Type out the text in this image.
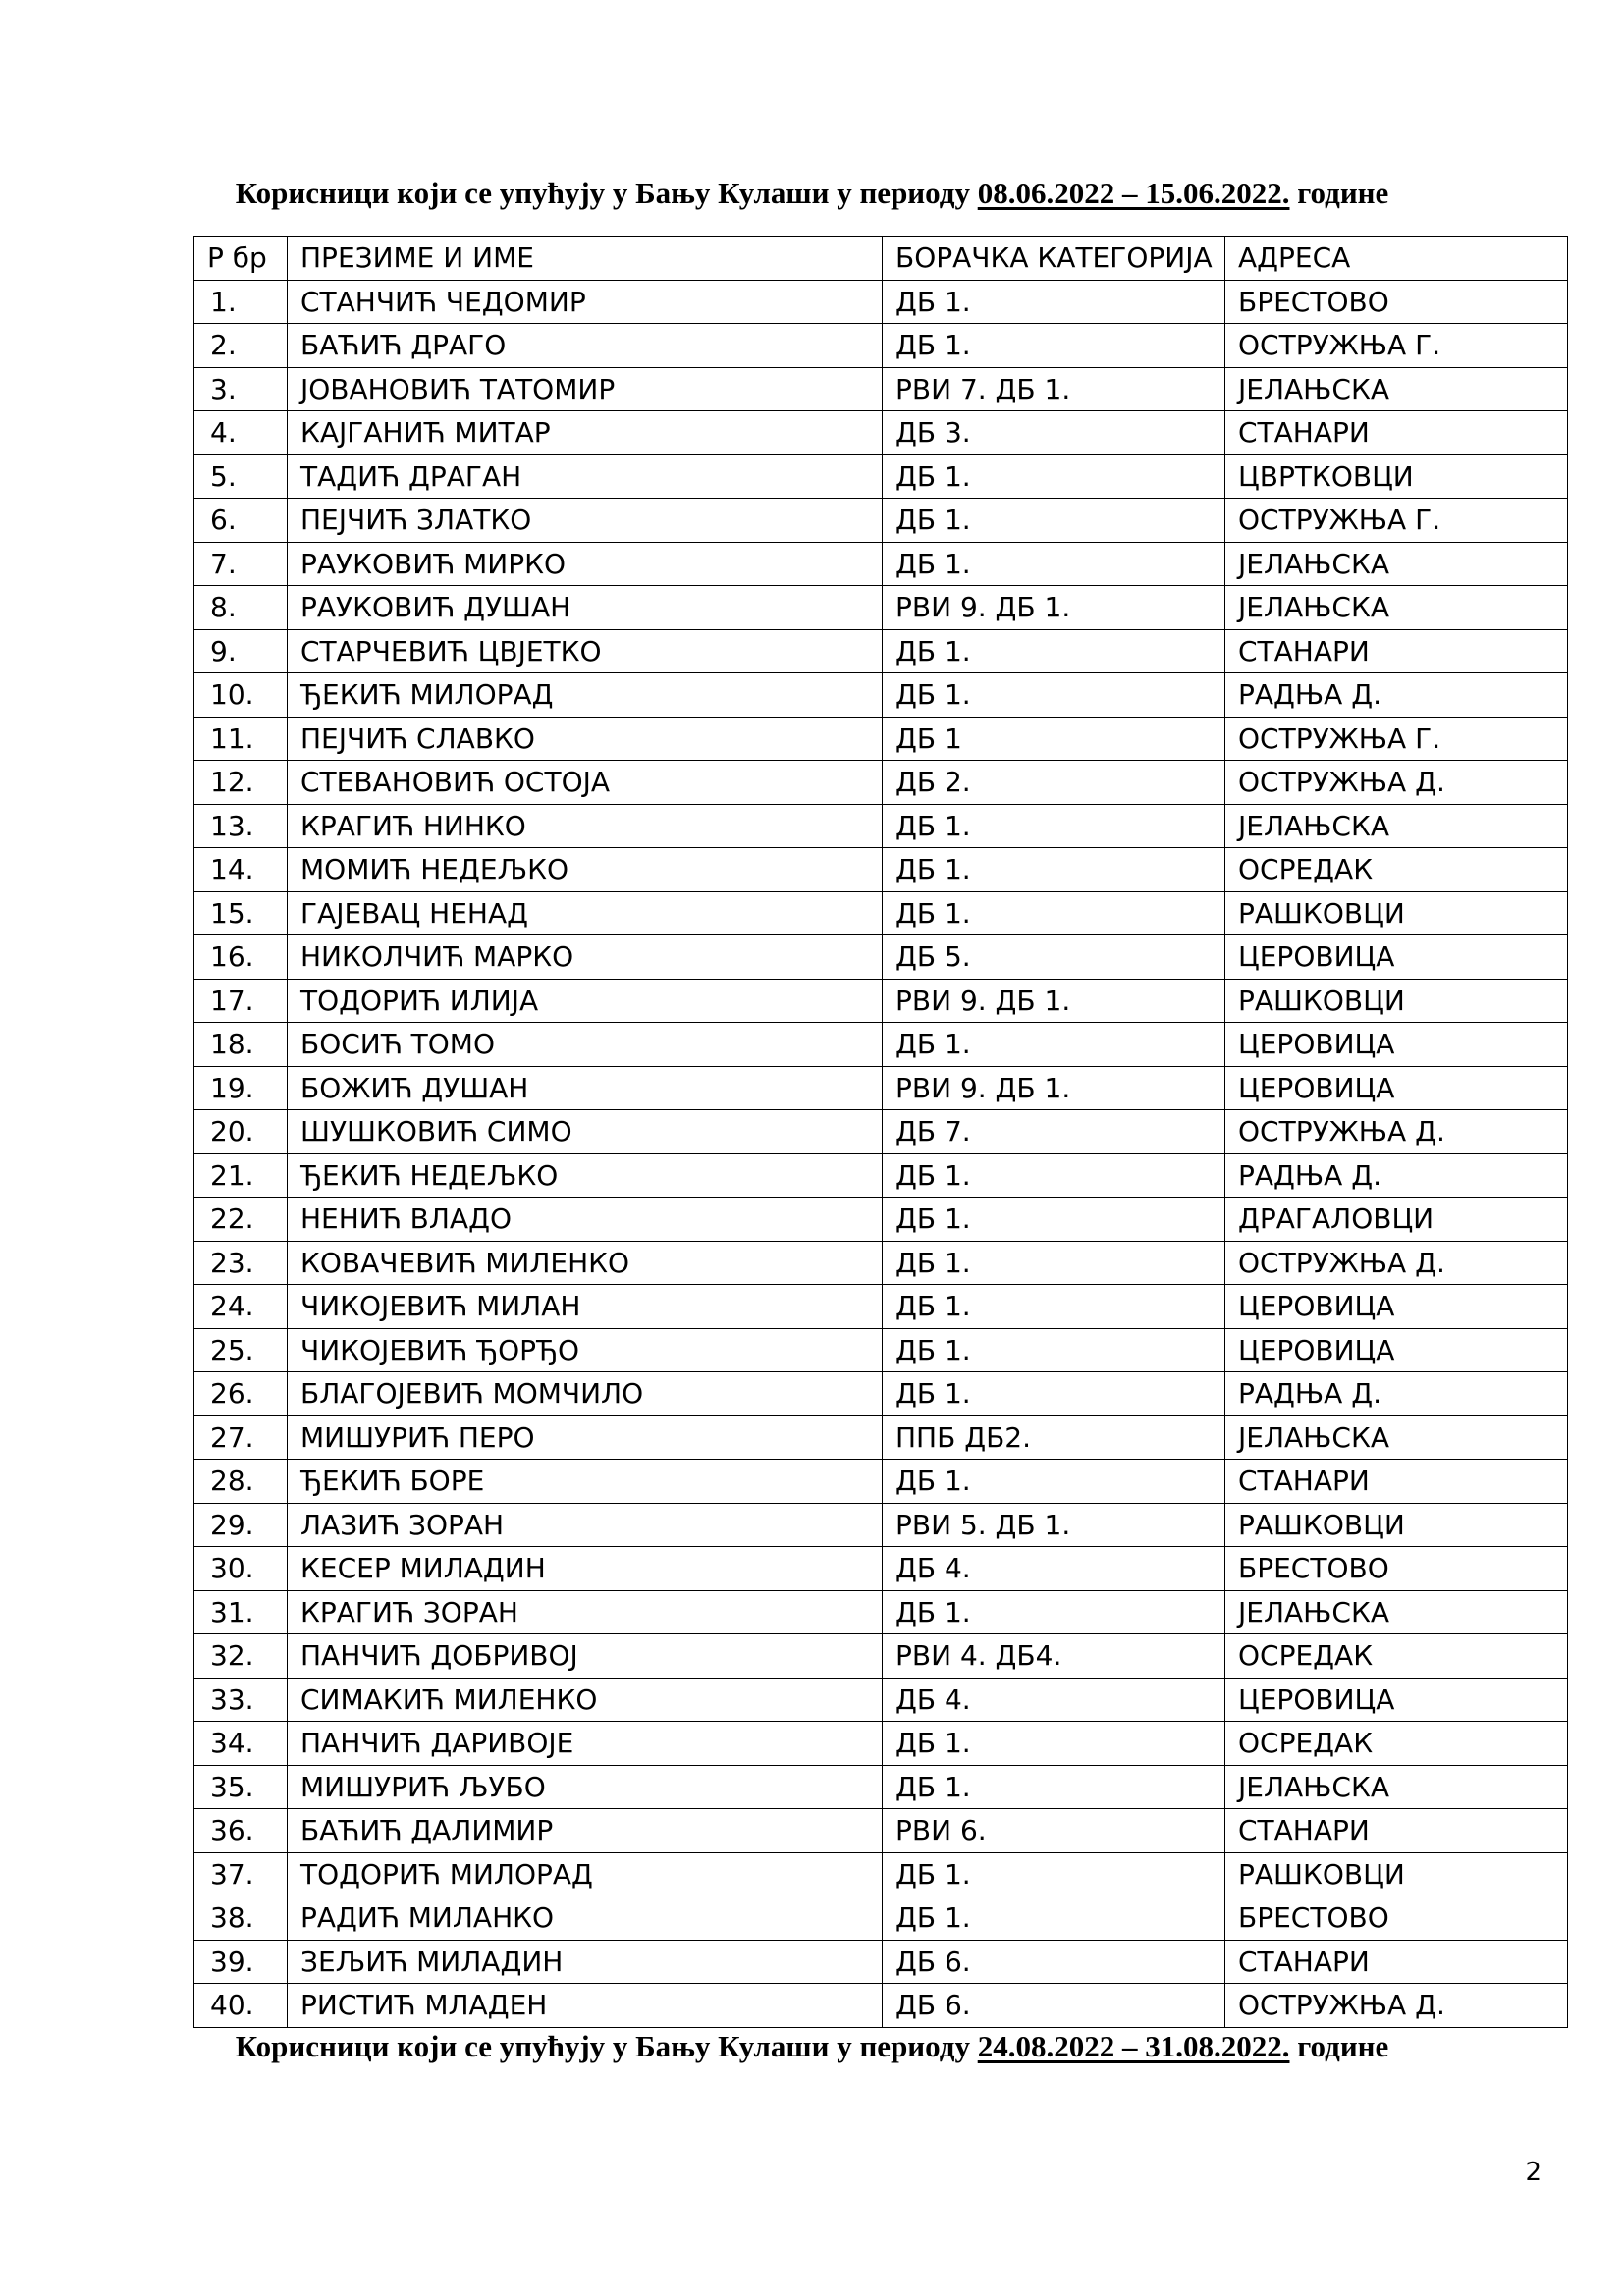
Корисници који се упућују у Бању Кулаши у периоду 08.06.2022 – 15.06.2022. године
Р бр	ПРЕЗИМЕ И ИМЕ	БОРАЧКА КАТЕГОРИЈА	АДРЕСА
1.	СТАНЧИЋ ЧЕДОМИР	ДБ 1.	БРЕСТОВО
2.	БАЋИЋ ДРАГО	ДБ 1.	ОСТРУЖЊА Г.
3.	ЈОВАНОВИЋ ТАТОМИР	РВИ 7. ДБ 1.	ЈЕЛАЊСКА
4.	КАЈГАНИЋ МИТАР	ДБ 3.	СТАНАРИ
5.	ТАДИЋ ДРАГАН	ДБ 1.	ЦВРТКОВЦИ
6.	ПЕЈЧИЋ ЗЛАТКО	ДБ 1.	ОСТРУЖЊА Г.
7.	РАУКОВИЋ МИРКО	ДБ 1.	ЈЕЛАЊСКА
8.	РАУКОВИЋ ДУШАН	РВИ 9. ДБ 1.	ЈЕЛАЊСКА
9.	СТАРЧЕВИЋ ЦВЈЕТКО	ДБ 1.	СТАНАРИ
10.	ЂЕКИЋ МИЛОРАД	ДБ 1.	РАДЊА Д.
11.	ПЕЈЧИЋ СЛАВКО	ДБ 1	ОСТРУЖЊА Г.
12.	СТЕВАНОВИЋ ОСТОЈА	ДБ 2.	ОСТРУЖЊА Д.
13.	КРАГИЋ НИНКО	ДБ 1.	ЈЕЛАЊСКА
14.	МОМИЋ НЕДЕЉКО	ДБ 1.	ОСРЕДАК
15.	ГАЈЕВАЦ НЕНАД	ДБ 1.	РАШКОВЦИ
16.	НИКОЛЧИЋ МАРКО	ДБ 5.	ЦЕРОВИЦА
17.	ТОДОРИЋ ИЛИЈА	РВИ 9. ДБ 1.	РАШКОВЦИ
18.	БОСИЋ ТОМО	ДБ 1.	ЦЕРОВИЦА
19.	БОЖИЋ ДУШАН	РВИ 9. ДБ 1.	ЦЕРОВИЦА
20.	ШУШКОВИЋ СИМО	ДБ 7.	ОСТРУЖЊА Д.
21.	ЂЕКИЋ НЕДЕЉКО	ДБ 1.	РАДЊА Д.
22.	НЕНИЋ ВЛАДО	ДБ 1.	ДРАГАЛОВЦИ
23.	КОВАЧЕВИЋ МИЛЕНКО	ДБ 1.	ОСТРУЖЊА Д.
24.	ЧИКОЈЕВИЋ МИЛАН	ДБ 1.	ЦЕРОВИЦА
25.	ЧИКОЈЕВИЋ ЂОРЂО	ДБ 1.	ЦЕРОВИЦА
26.	БЛАГОЈЕВИЋ МОМЧИЛО	ДБ 1.	РАДЊА Д.
27.	МИШУРИЋ ПЕРО	ППБ ДБ2.	ЈЕЛАЊСКА
28.	ЂЕКИЋ БОРЕ	ДБ 1.	СТАНАРИ
29.	ЛАЗИЋ ЗОРАН	РВИ 5. ДБ 1.	РАШКОВЦИ
30.	КЕСЕР МИЛАДИН	ДБ 4.	БРЕСТОВО
31.	КРАГИЋ ЗОРАН	ДБ 1.	ЈЕЛАЊСКА
32.	ПАНЧИЋ ДОБРИВОЈ	РВИ 4. ДБ4.	ОСРЕДАК
33.	СИМАКИЋ МИЛЕНКО	ДБ 4.	ЦЕРОВИЦА
34.	ПАНЧИЋ ДАРИВОЈЕ	ДБ 1.	ОСРЕДАК
35.	МИШУРИЋ ЉУБО	ДБ 1.	ЈЕЛАЊСКА
36.	БАЋИЋ ДАЛИМИР	РВИ 6.	СТАНАРИ
37.	ТОДОРИЋ МИЛОРАД	ДБ 1.	РАШКОВЦИ
38.	РАДИЋ МИЛАНКО	ДБ 1.	БРЕСТОВО
39.	ЗЕЉИЋ МИЛАДИН	ДБ 6.	СТАНАРИ
40.	РИСТИЋ МЛАДЕН	ДБ 6.	ОСТРУЖЊА Д.
Корисници који се упућују у Бању Кулаши у периоду 24.08.2022 – 31.08.2022. године
2
